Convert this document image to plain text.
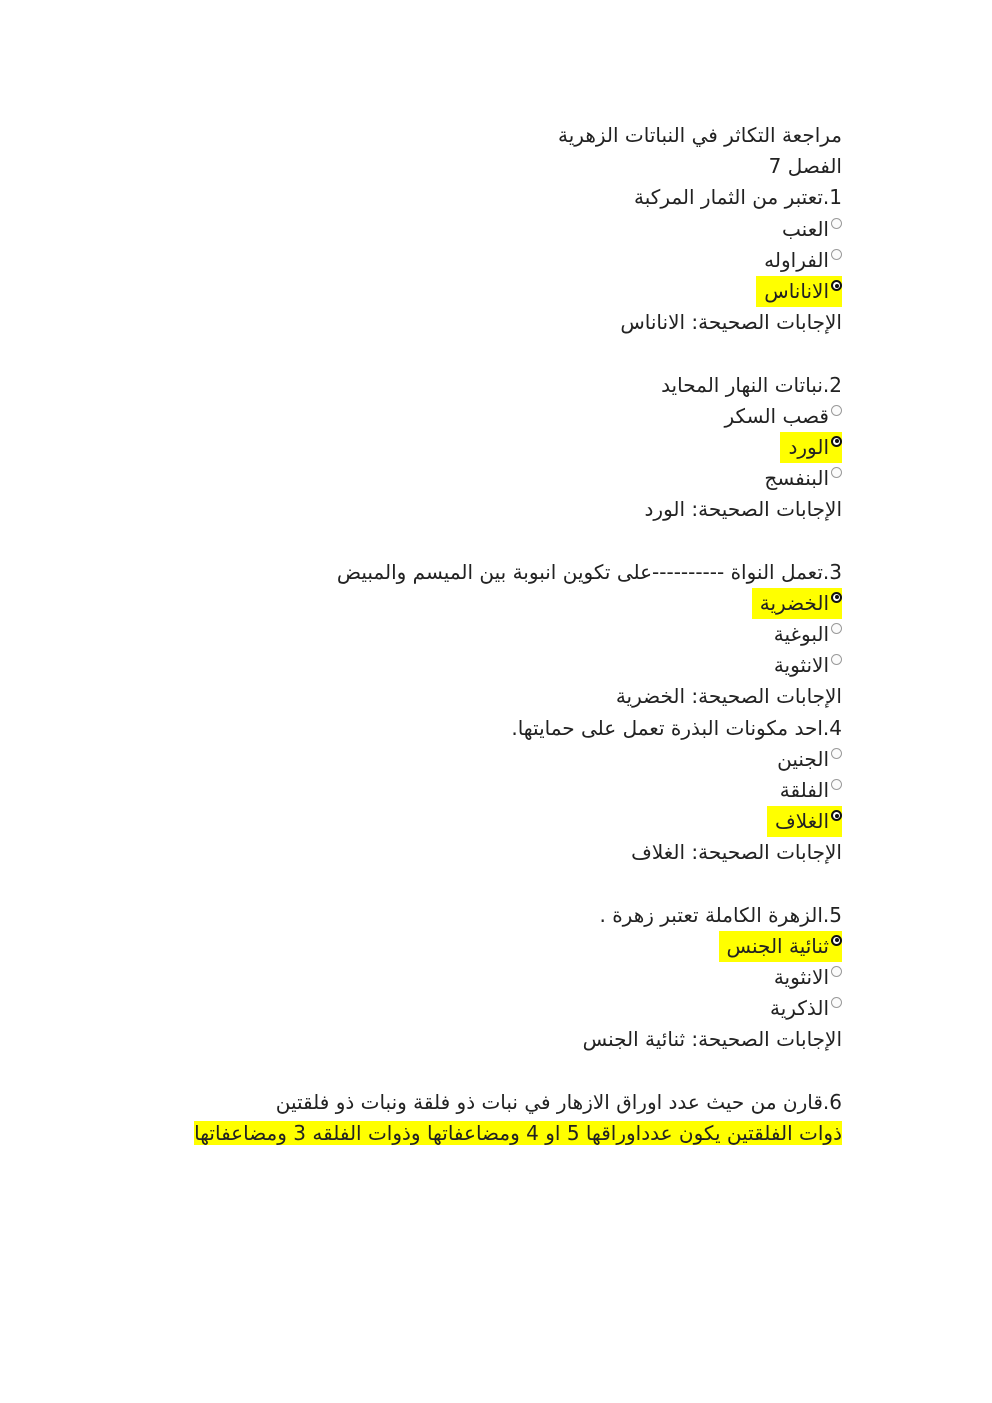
مراجعة التكاثر في النباتات الزهرية
الفصل 7
1.تعتبر من الثمار المركبة
العنب
الفراوله
الاناناس
الإجابات الصحيحة: الاناناس
2.نباتات النهار المحايد
قصب السكر
الورد
البنفسج
الإجابات الصحيحة: الورد
3.تعمل النواة ----------على تكوين انبوبة بين الميسم والمبيض
الخضرية
البوغية
الانثوية
الإجابات الصحيحة: الخضرية
4.احد مكونات البذرة تعمل على حمايتها.
الجنين
الفلقة
الغلاف
الإجابات الصحيحة: الغلاف
5.الزهرة الكاملة تعتبر زهرة .
ثنائية الجنس
الانثوية
الذكرية
الإجابات الصحيحة: ثنائية الجنس
6.قارن من حيث عدد اوراق الازهار في نبات ذو فلقة ونبات ذو فلقتين
ذوات الفلقتين يكون عدداوراقها 5 او 4 ومضاعفاتها وذوات الفلقه 3 ومضاعفاتها
